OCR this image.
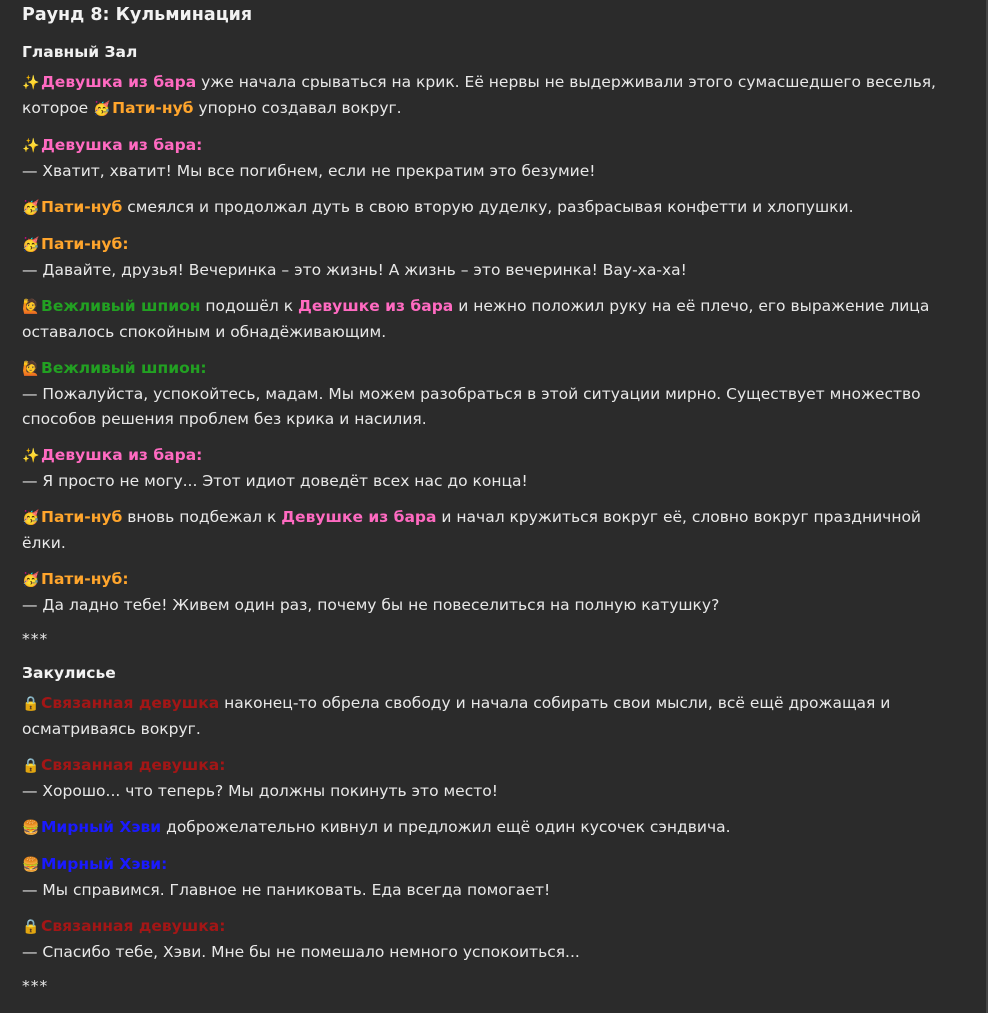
Раунд 8: Кульминация
Главный Зал
✨ Девушка из бара уже начала срываться на крик. Её нервы не выдерживали этого сумасшедшего веселья, которое 🥳 Пати-нуб упорно создавал вокруг.
✨ Девушка из бара:
— Хватит, хватит! Мы все погибнем, если не прекратим это безумие!
🥳 Пати-нуб смеялся и продолжал дуть в свою вторую дуделку, разбрасывая конфетти и хлопушки.
🥳 Пати-нуб:
— Давайте, друзья! Вечеринка – это жизнь! А жизнь – это вечеринка! Вау-ха-ха!
🙋 Вежливый шпион подошёл к Девушке из бара и нежно положил руку на её плечо, его выражение лица оставалось спокойным и обнадёживающим.
🙋 Вежливый шпион:
— Пожалуйста, успокойтесь, мадам. Мы можем разобраться в этой ситуации мирно. Существует множество способов решения проблем без крика и насилия.
✨ Девушка из бара:
— Я просто не могу... Этот идиот доведёт всех нас до конца!
🥳 Пати-нуб вновь подбежал к Девушке из бара и начал кружиться вокруг её, словно вокруг праздничной ёлки.
🥳 Пати-нуб:
— Да ладно тебе! Живем один раз, почему бы не повеселиться на полную катушку?
***
Закулисье
🔒 Связанная девушка наконец-то обрела свободу и начала собирать свои мысли, всё ещё дрожащая и осматриваясь вокруг.
🔒 Связанная девушка:
— Хорошо... что теперь? Мы должны покинуть это место!
🍔 Мирный Хэви доброжелательно кивнул и предложил ещё один кусочек сэндвича.
🍔 Мирный Хэви:
— Мы справимся. Главное не паниковать. Еда всегда помогает!
🔒 Связанная девушка:
— Спасибо тебе, Хэви. Мне бы не помешало немного успокоиться...
***
